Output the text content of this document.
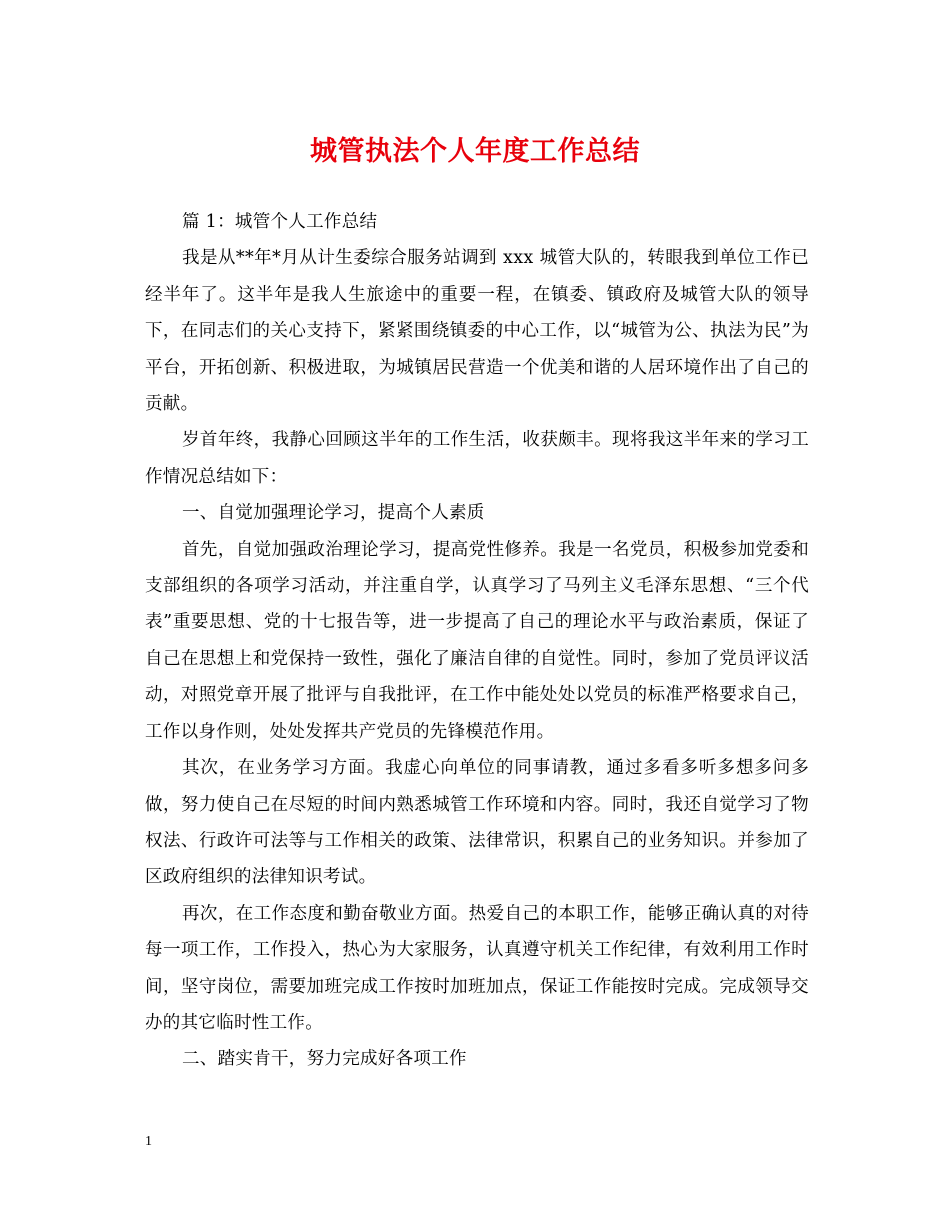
城管执法个人年度工作总结

篇 1：城管个人工作总结

我是从**年*月从计生委综合服务站调到 xxx 城管大队的，转眼我到单位工作已经半年了。这半年是我人生旅途中的重要一程，在镇委、镇政府及城管大队的领导下，在同志们的关心支持下，紧紧围绕镇委的中心工作，以“城管为公、执法为民”为平台，开拓创新、积极进取，为城镇居民营造一个优美和谐的人居环境作出了自己的贡献。

岁首年终，我静心回顾这半年的工作生活，收获颇丰。现将我这半年来的学习工作情况总结如下：

一、自觉加强理论学习，提高个人素质

首先，自觉加强政治理论学习，提高党性修养。我是一名党员，积极参加党委和支部组织的各项学习活动，并注重自学，认真学习了马列主义毛泽东思想、“三个代表”重要思想、党的十七报告等，进一步提高了自己的理论水平与政治素质，保证了自己在思想上和党保持一致性，强化了廉洁自律的自觉性。同时，参加了党员评议活动，对照党章开展了批评与自我批评，在工作中能处处以党员的标准严格要求自己，工作以身作则，处处发挥共产党员的先锋模范作用。

其次，在业务学习方面。我虚心向单位的同事请教，通过多看多听多想多问多做，努力使自己在尽短的时间内熟悉城管工作环境和内容。同时，我还自觉学习了物权法、行政许可法等与工作相关的政策、法律常识，积累自己的业务知识。并参加了区政府组织的法律知识考试。

再次，在工作态度和勤奋敬业方面。热爱自己的本职工作，能够正确认真的对待每一项工作，工作投入，热心为大家服务，认真遵守机关工作纪律，有效利用工作时间，坚守岗位，需要加班完成工作按时加班加点，保证工作能按时完成。完成领导交办的其它临时性工作。

二、踏实肯干，努力完成好各项工作

1
